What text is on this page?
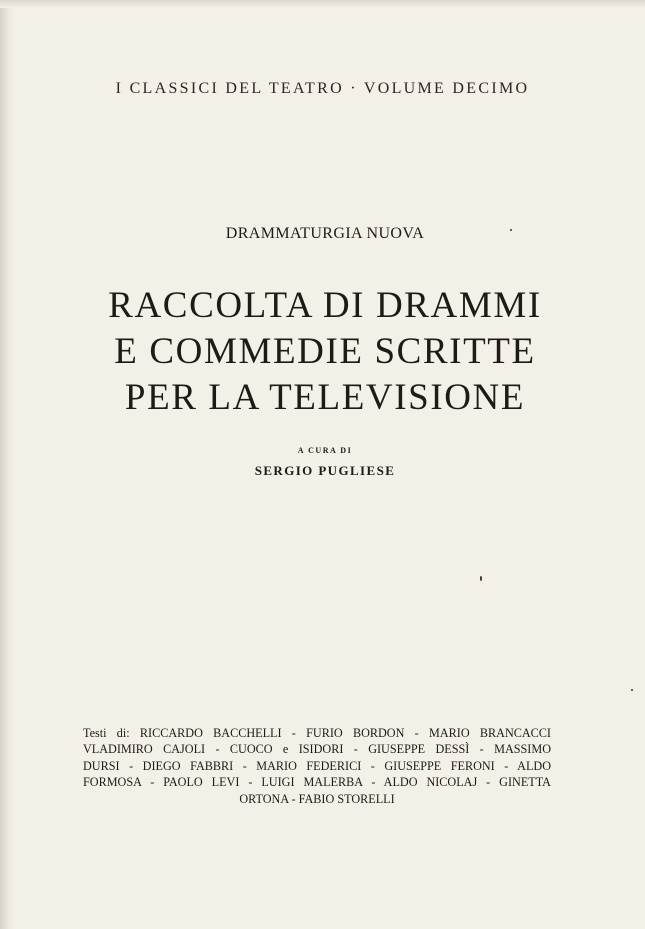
I CLASSICI DEL TEATRO · VOLUME DECIMO
DRAMMATURGIA NUOVA
RACCOLTA DI DRAMMI
E COMMEDIE SCRITTE
PER LA TELEVISIONE
A CURA DI
SERGIO PUGLIESE
Testi di: RICCARDO BACCHELLI - FURIO BORDON - MARIO BRANCACCI
VLADIMIRO CAJOLI - CUOCO e ISIDORI - GIUSEPPE DESSÌ - MASSIMO
DURSI - DIEGO FABBRI - MARIO FEDERICI - GIUSEPPE FERONI - ALDO
FORMOSA - PAOLO LEVI - LUIGI MALERBA - ALDO NICOLAJ - GINETTA
ORTONA - FABIO STORELLI
